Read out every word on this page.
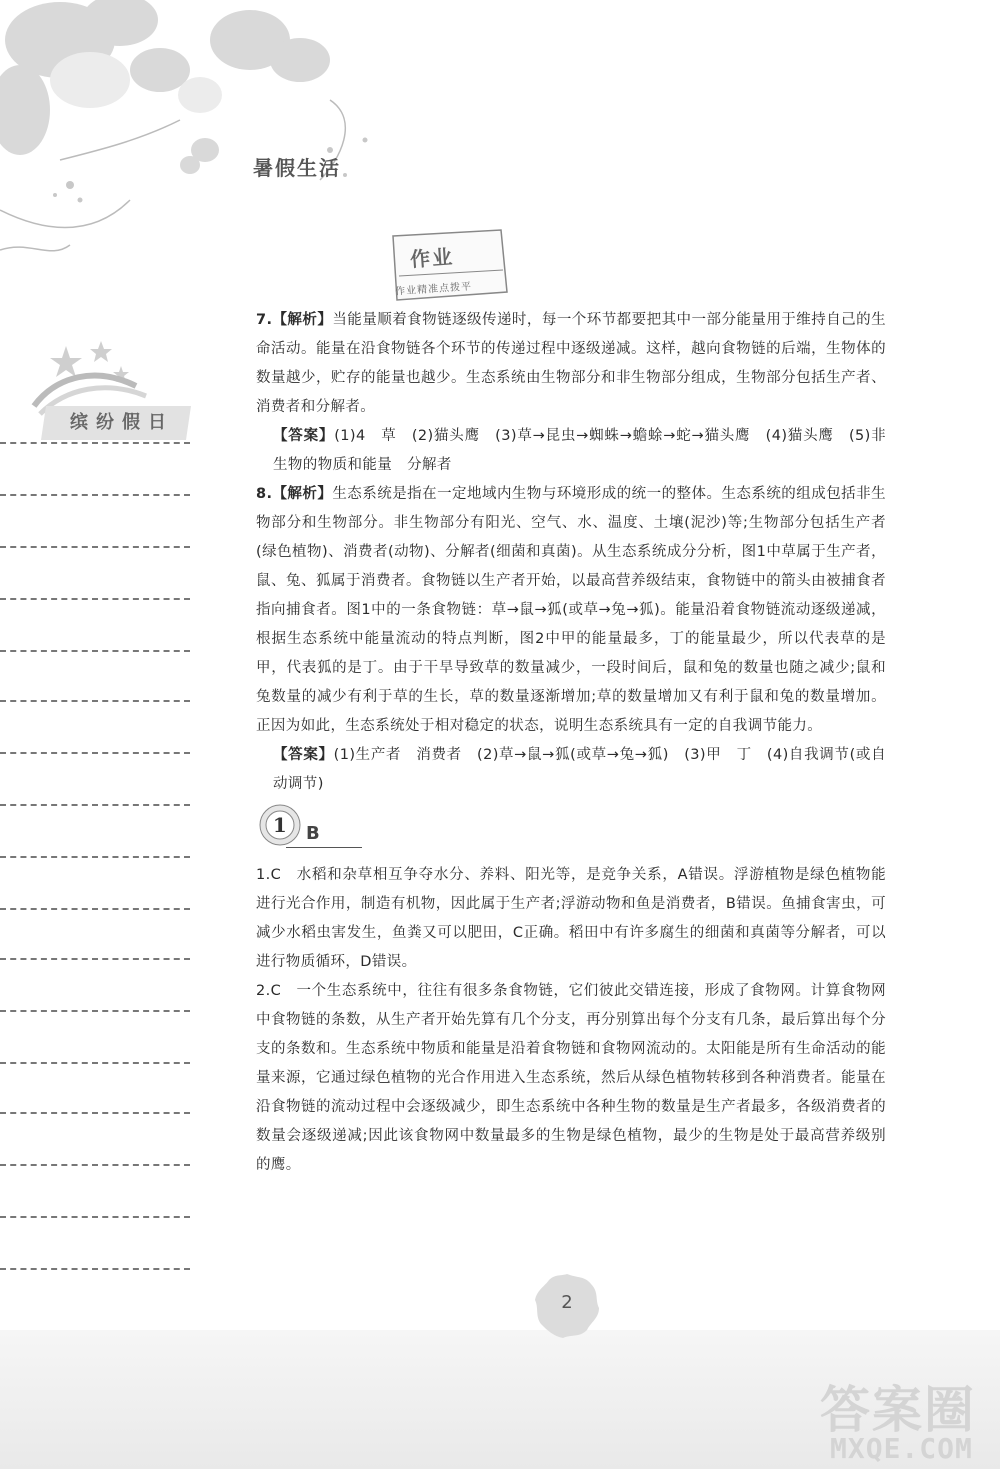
暑假生活
作业
作业精准点拨平
缤纷假日

7.【解析】当能量顺着食物链逐级传递时，每一个环节都要把其中一部分能量用于维持自己的生命活动。能量在沿食物链各个环节的传递过程中逐级递减。这样，越向食物链的后端，生物体的数量越少，贮存的能量也越少。生态系统由生物部分和非生物部分组成，生物部分包括生产者、消费者和分解者。

【答案】(1)4　草　(2)猫头鹰　(3)草→昆虫→蜘蛛→蟾蜍→蛇→猫头鹰　(4)猫头鹰　(5)非生物的物质和能量　分解者

8.【解析】生态系统是指在一定地域内生物与环境形成的统一的整体。生态系统的组成包括非生物部分和生物部分。非生物部分有阳光、空气、水、温度、土壤(泥沙)等;生物部分包括生产者(绿色植物)、消费者(动物)、分解者(细菌和真菌)。从生态系统成分分析，图1中草属于生产者，鼠、兔、狐属于消费者。食物链以生产者开始，以最高营养级结束，食物链中的箭头由被捕食者指向捕食者。图1中的一条食物链：草→鼠→狐(或草→兔→狐)。能量沿着食物链流动逐级递减，根据生态系统中能量流动的特点判断，图2中甲的能量最多，丁的能量最少，所以代表草的是甲，代表狐的是丁。由于干旱导致草的数量减少，一段时间后，鼠和兔的数量也随之减少;鼠和兔数量的减少有利于草的生长，草的数量逐渐增加;草的数量增加又有利于鼠和兔的数量增加。正因为如此，生态系统处于相对稳定的状态，说明生态系统具有一定的自我调节能力。

【答案】(1)生产者　消费者　(2)草→鼠→狐(或草→兔→狐)　(3)甲　丁　(4)自我调节(或自动调节)

1 B

1.C　水稻和杂草相互争夺水分、养料、阳光等，是竞争关系，A错误。浮游植物是绿色植物能进行光合作用，制造有机物，因此属于生产者;浮游动物和鱼是消费者，B错误。鱼捕食害虫，可减少水稻虫害发生，鱼粪又可以肥田，C正确。稻田中有许多腐生的细菌和真菌等分解者，可以进行物质循环，D错误。

2.C　一个生态系统中，往往有很多条食物链，它们彼此交错连接，形成了食物网。计算食物网中食物链的条数，从生产者开始先算有几个分支，再分别算出每个分支有几条，最后算出每个分支的条数和。生态系统中物质和能量是沿着食物链和食物网流动的。太阳能是所有生命活动的能量来源，它通过绿色植物的光合作用进入生态系统，然后从绿色植物转移到各种消费者。能量在沿食物链的流动过程中会逐级减少，即生态系统中各种生物的数量是生产者最多，各级消费者的数量会逐级递减;因此该食物网中数量最多的生物是绿色植物，最少的生物是处于最高营养级别的鹰。

2
答案圈
MXQE.COM
